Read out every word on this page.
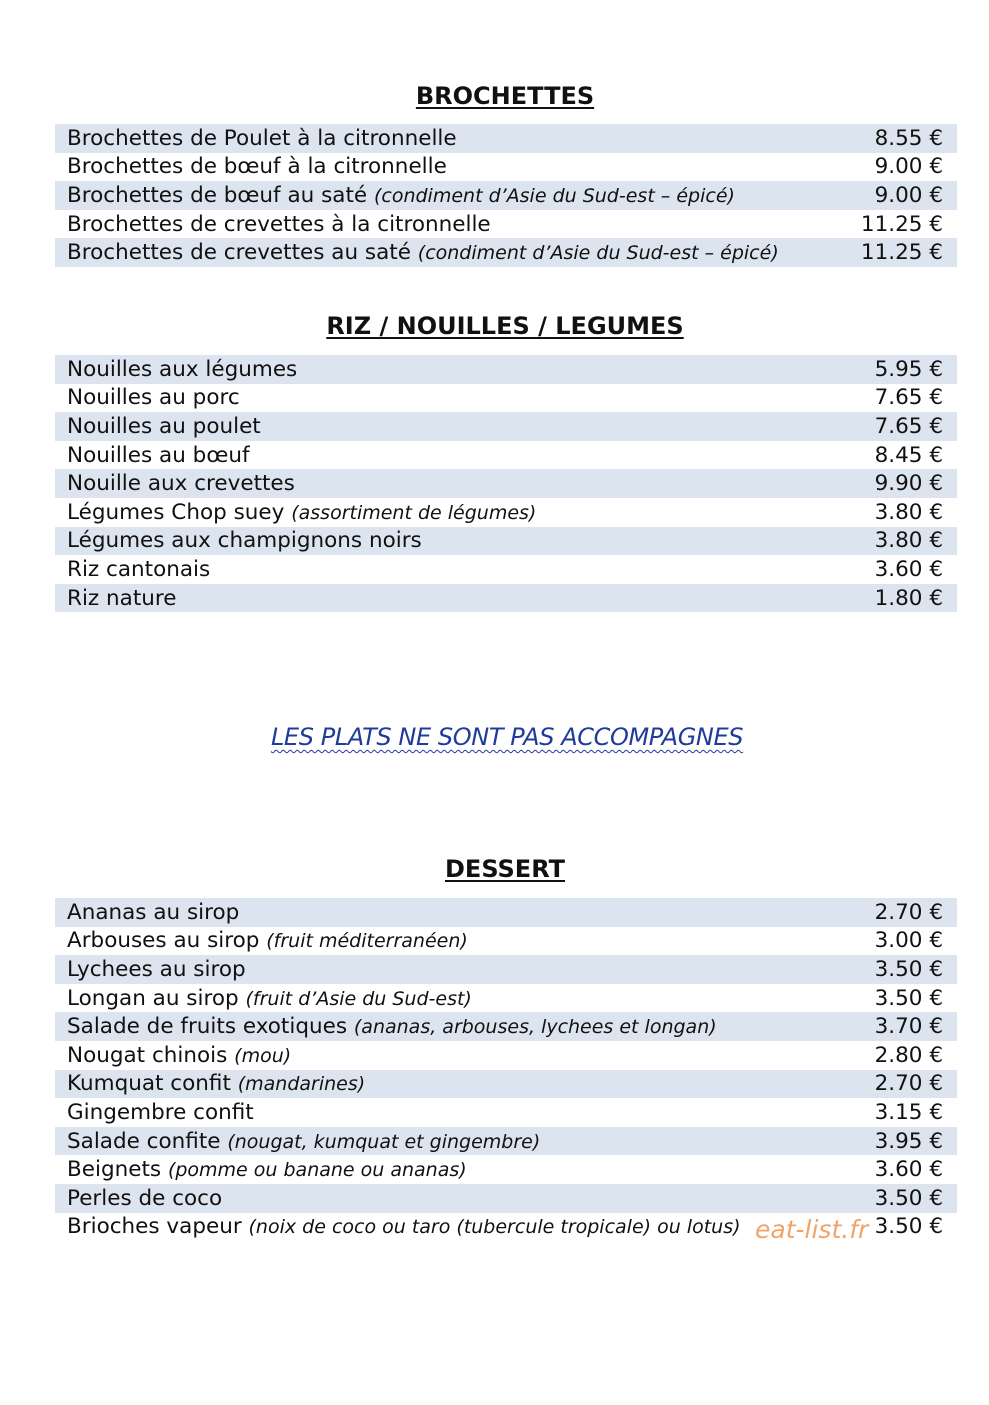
BROCHETTES
Brochettes de Poulet à la citronnelle	8.55 €
Brochettes de bœuf à la citronnelle	9.00 €
Brochettes de bœuf au saté (condiment d’Asie du Sud-est – épicé)	9.00 €
Brochettes de crevettes à la citronnelle	11.25 €
Brochettes de crevettes au saté (condiment d’Asie du Sud-est – épicé)	11.25 €
RIZ / NOUILLES / LEGUMES
Nouilles aux légumes	5.95 €
Nouilles au porc	7.65 €
Nouilles au poulet	7.65 €
Nouilles au bœuf	8.45 €
Nouille aux crevettes	9.90 €
Légumes Chop suey (assortiment de légumes)	3.80 €
Légumes aux champignons noirs	3.80 €
Riz cantonais	3.60 €
Riz nature	1.80 €
LES PLATS NE SONT PAS ACCOMPAGNES
DESSERT
Ananas au sirop	2.70 €
Arbouses au sirop (fruit méditerranéen)	3.00 €
Lychees au sirop	3.50 €
Longan au sirop (fruit d’Asie du Sud-est)	3.50 €
Salade de fruits exotiques (ananas, arbouses, lychees et longan)	3.70 €
Nougat chinois (mou)	2.80 €
Kumquat confit (mandarines)	2.70 €
Gingembre confit	3.15 €
Salade confite (nougat, kumquat et gingembre)	3.95 €
Beignets (pomme ou banane ou ananas)	3.60 €
Perles de coco	3.50 €
Brioches vapeur (noix de coco ou taro (tubercule tropicale) ou lotus)	3.50 €
eat-list.fr
